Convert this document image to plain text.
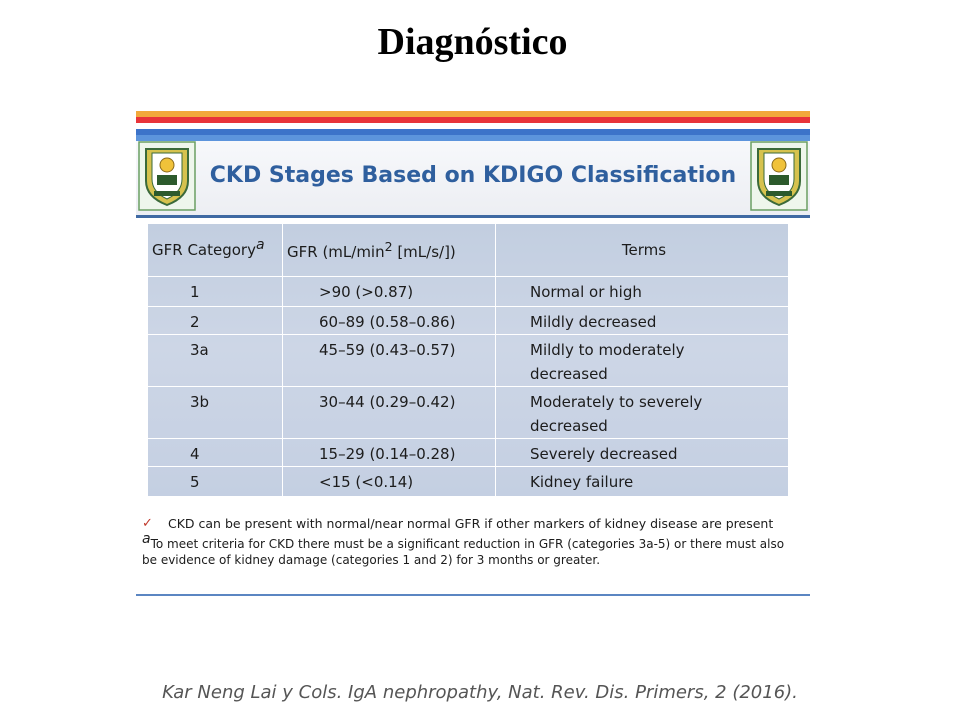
Diagnóstico
CKD Stages Based on KDIGO Classification
GFR Categorya	GFR ($mL/\min^2$ [mL/s/])	Terms
1	>90 (>0.87)	Normal or high
2	60–89 (0.58–0.86)	Mildly decreased
3a	45–59 (0.43–0.57)	Mildly to moderately decreased
3b	30–44 (0.29–0.42)	Moderately to severely decreased
4	15–29 (0.14–0.28)	Severely decreased
5	<15 (<0.14)	Kidney failure
✓ CKD can be present with normal/near normal GFR if other markers of kidney disease are present
aTo meet criteria for CKD there must be a significant reduction in GFR (categories 3a-5) or there must also be evidence of kidney damage (categories 1 and 2) for 3 months or greater.
Kar Neng Lai y Cols. IgA nephropathy, Nat. Rev. Dis. Primers, 2 (2016).
